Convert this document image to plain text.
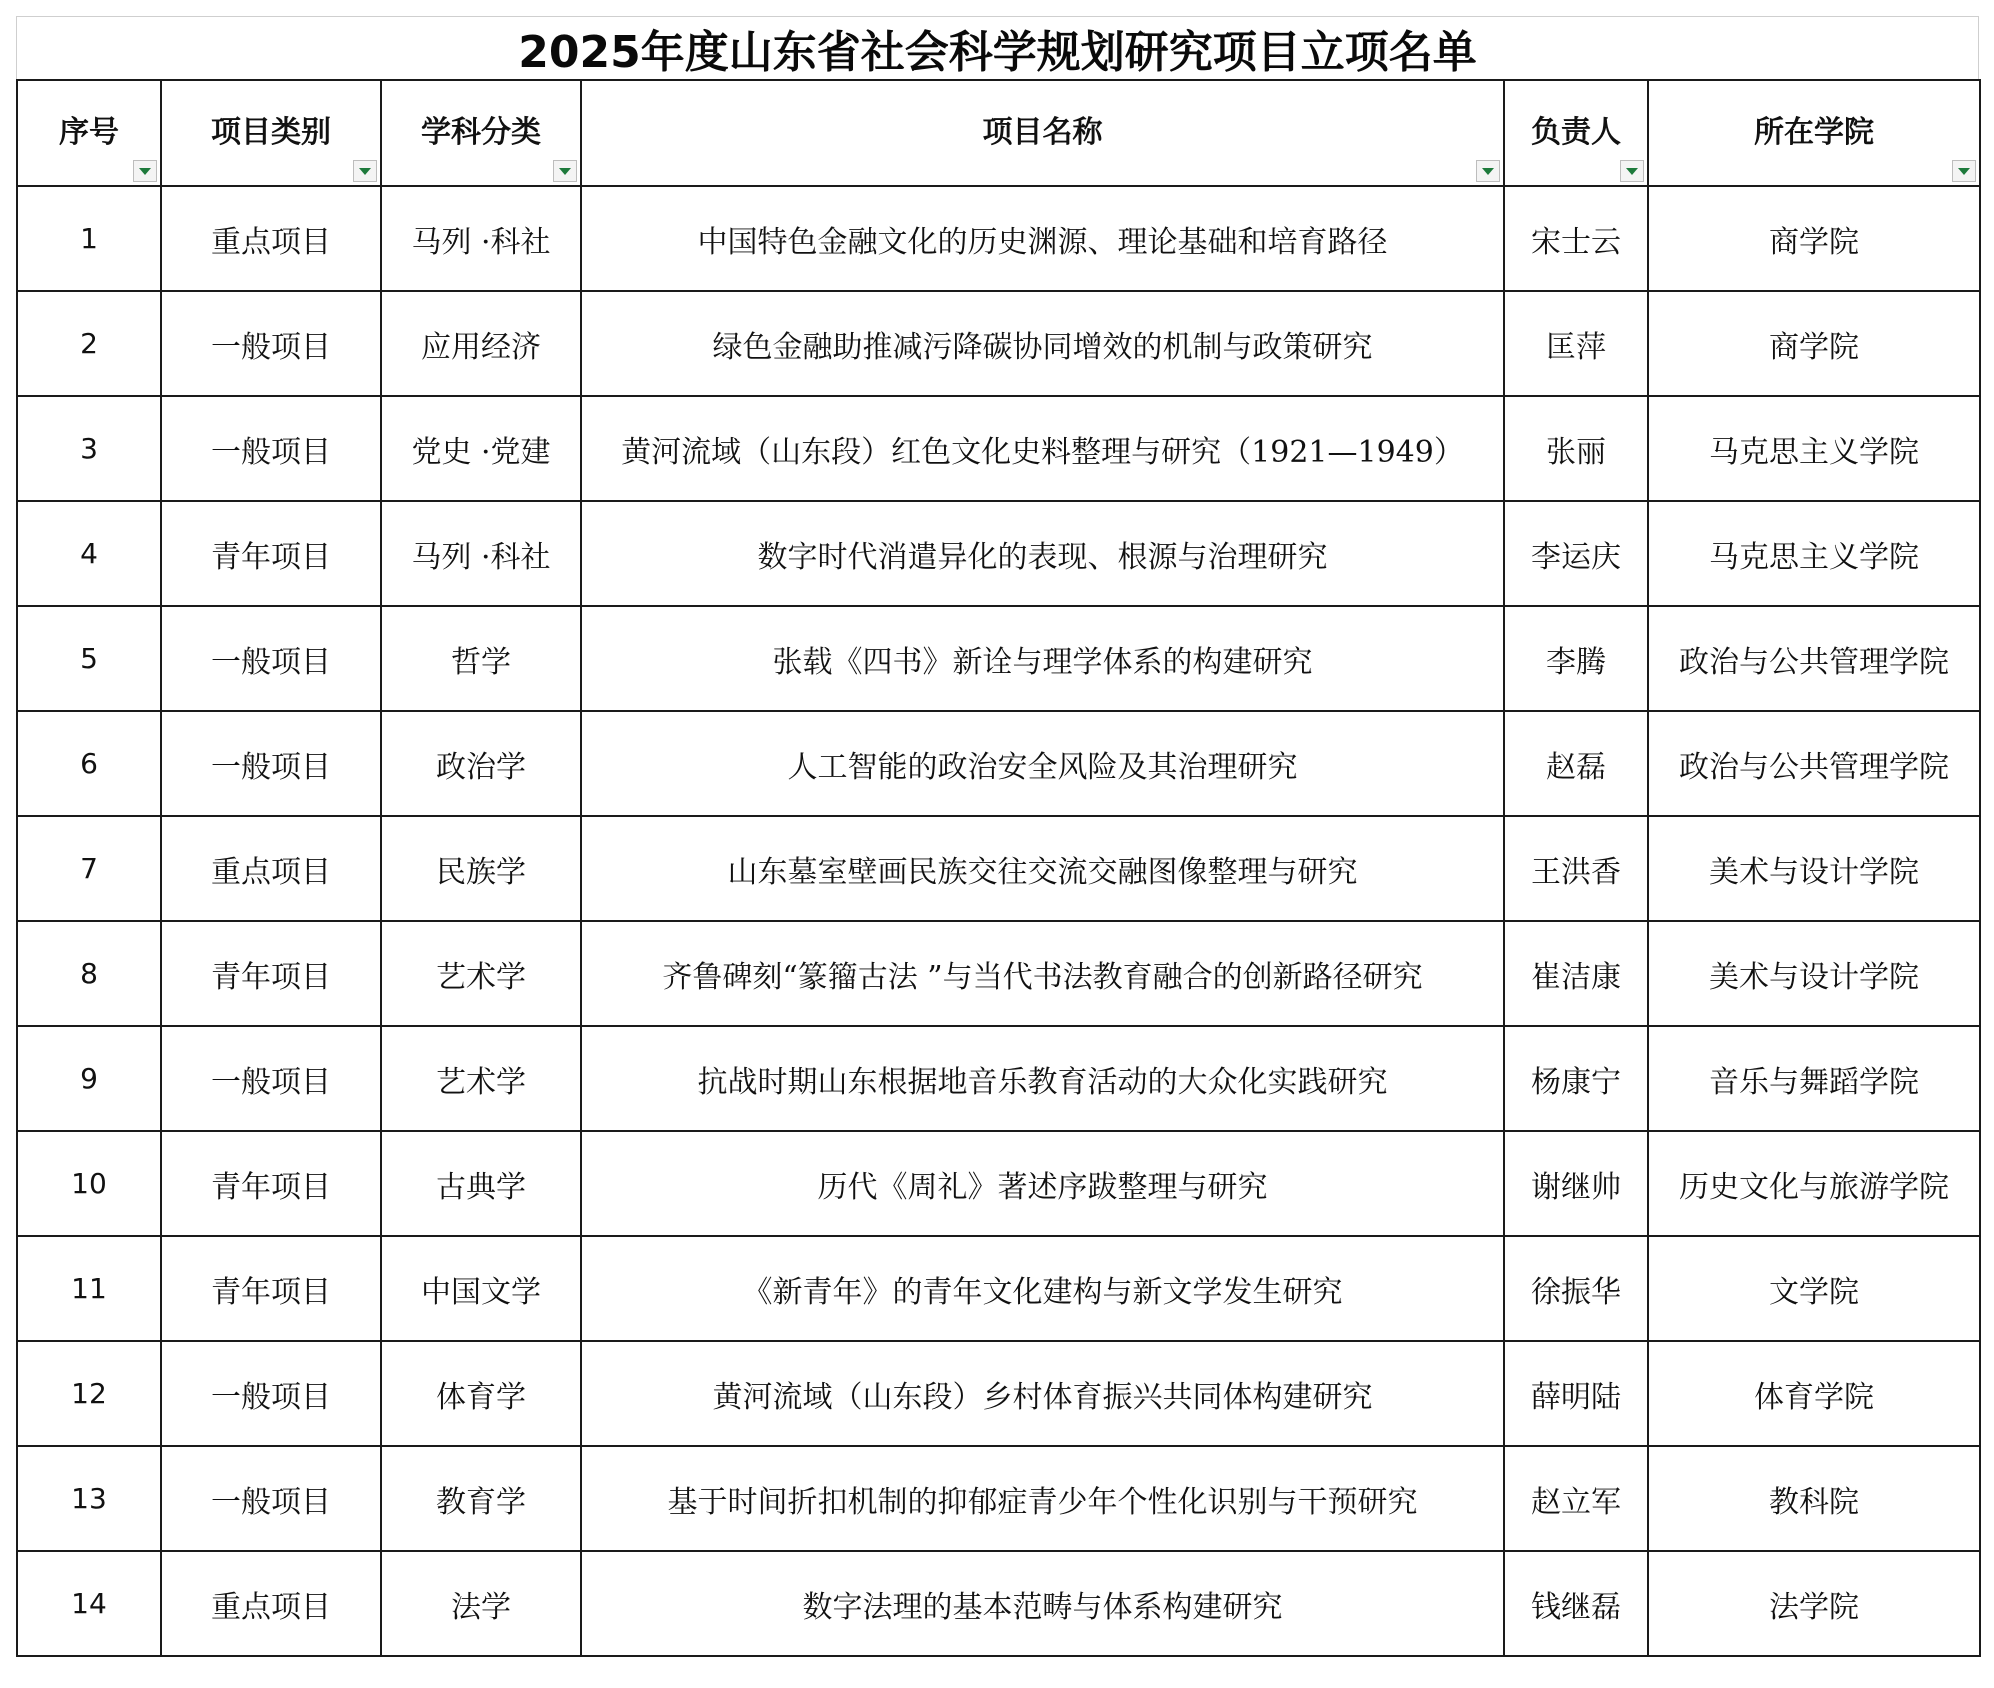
2025年度山东省社会科学规划研究项目立项名单
序号	项目类别	学科分类	项目名称	负责人	所在学院

1	重点项目	马列 ·科社	中国特色金融文化的历史渊源、理论基础和培育路径	宋士云	商学院
2	一般项目	应用经济	绿色金融助推减污降碳协同增效的机制与政策研究	匡萍	商学院
3	一般项目	党史 ·党建	黄河流域（山东段）红色文化史料整理与研究（1921—1949）	张丽	马克思主义学院
4	青年项目	马列 ·科社	数字时代消遣异化的表现、根源与治理研究	李运庆	马克思主义学院
5	一般项目	哲学	张载《四书》新诠与理学体系的构建研究	李腾	政治与公共管理学院
6	一般项目	政治学	人工智能的政治安全风险及其治理研究	赵磊	政治与公共管理学院
7	重点项目	民族学	山东墓室壁画民族交往交流交融图像整理与研究	王洪香	美术与设计学院
8	青年项目	艺术学	齐鲁碑刻“篆籀古法 ”与当代书法教育融合的创新路径研究	崔洁康	美术与设计学院
9	一般项目	艺术学	抗战时期山东根据地音乐教育活动的大众化实践研究	杨康宁	音乐与舞蹈学院
10	青年项目	古典学	历代《周礼》著述序跋整理与研究	谢继帅	历史文化与旅游学院
11	青年项目	中国文学	《新青年》的青年文化建构与新文学发生研究	徐振华	文学院
12	一般项目	体育学	黄河流域（山东段）乡村体育振兴共同体构建研究	薛明陆	体育学院
13	一般项目	教育学	基于时间折扣机制的抑郁症青少年个性化识别与干预研究	赵立军	教科院
14	重点项目	法学	数字法理的基本范畴与体系构建研究	钱继磊	法学院
